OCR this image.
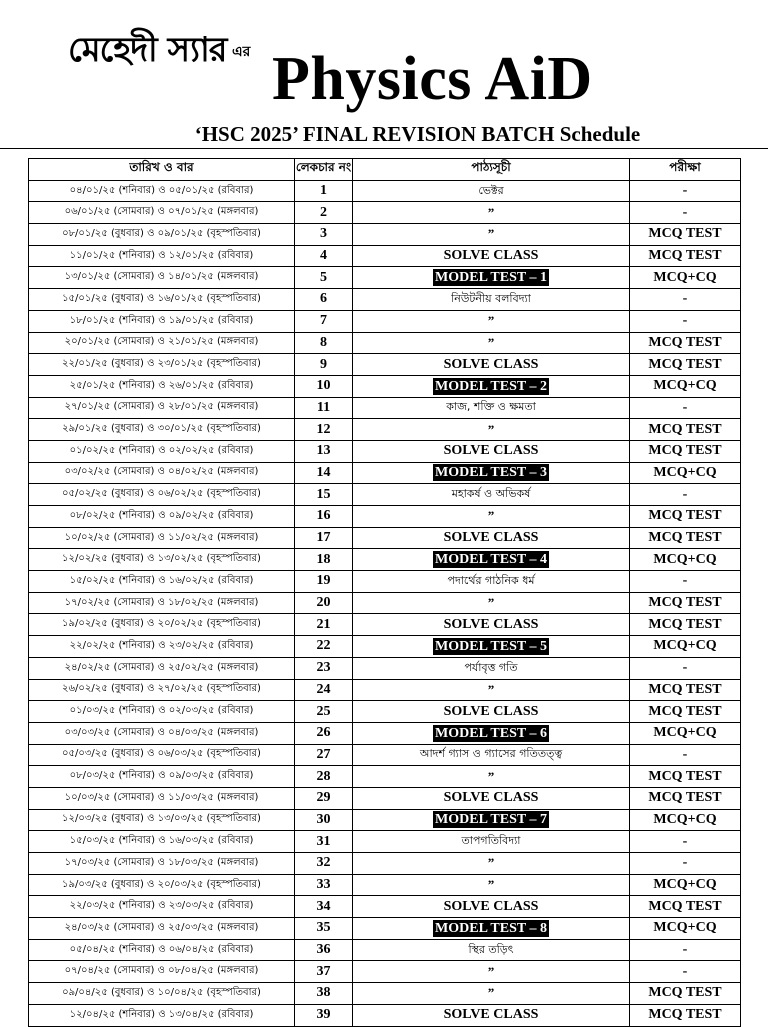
মেহেদী স্যার এর Physics AiD
‘HSC 2025’ FINAL REVISION BATCH Schedule
তারিখ ও বার	লেকচার নং	পাঠ্যসূচী	পরীক্ষা
০৪/০১/২৫ (শনিবার) ও ০৫/০১/২৫ (রবিবার)	1	ভেক্টর	-
০৬/০১/২৫ (সোমবার) ও ০৭/০১/২৫ (মঙ্গলবার)	2	”	-
০৮/০১/২৫ (বুধবার) ও ০৯/০১/২৫ (বৃহস্পতিবার)	3	”	MCQ TEST
১১/০১/২৫ (শনিবার) ও ১২/০১/২৫ (রবিবার)	4	SOLVE CLASS	MCQ TEST
১৩/০১/২৫ (সোমবার) ও ১৪/০১/২৫ (মঙ্গলবার)	5	MODEL TEST – 1	MCQ+CQ
১৫/০১/২৫ (বুধবার) ও ১৬/০১/২৫ (বৃহস্পতিবার)	6	নিউটনীয় বলবিদ্যা	-
১৮/০১/২৫ (শনিবার) ও ১৯/০১/২৫ (রবিবার)	7	”	-
২০/০১/২৫ (সোমবার) ও ২১/০১/২৫ (মঙ্গলবার)	8	”	MCQ TEST
২২/০১/২৫ (বুধবার) ও ২৩/০১/২৫ (বৃহস্পতিবার)	9	SOLVE CLASS	MCQ TEST
২৫/০১/২৫ (শনিবার) ও ২৬/০১/২৫ (রবিবার)	10	MODEL TEST – 2	MCQ+CQ
২৭/০১/২৫ (সোমবার) ও ২৮/০১/২৫ (মঙ্গলবার)	11	কাজ, শক্তি ও ক্ষমতা	-
২৯/০১/২৫ (বুধবার) ও ৩০/০১/২৫ (বৃহস্পতিবার)	12	”	MCQ TEST
০১/০২/২৫ (শনিবার) ও ০২/০২/২৫ (রবিবার)	13	SOLVE CLASS	MCQ TEST
০৩/০২/২৫ (সোমবার) ও ০৪/০২/২৫ (মঙ্গলবার)	14	MODEL TEST – 3	MCQ+CQ
০৫/০২/২৫ (বুধবার) ও ০৬/০২/২৫ (বৃহস্পতিবার)	15	মহাকর্ষ ও অভিকর্ষ	-
০৮/০২/২৫ (শনিবার) ও ০৯/০২/২৫ (রবিবার)	16	”	MCQ TEST
১০/০২/২৫ (সোমবার) ও ১১/০২/২৫ (মঙ্গলবার)	17	SOLVE CLASS	MCQ TEST
১২/০২/২৫ (বুধবার) ও ১৩/০২/২৫ (বৃহস্পতিবার)	18	MODEL TEST – 4	MCQ+CQ
১৫/০২/২৫ (শনিবার) ও ১৬/০২/২৫ (রবিবার)	19	পদার্থের গাঠনিক ধর্ম	-
১৭/০২/২৫ (সোমবার) ও ১৮/০২/২৫ (মঙ্গলবার)	20	”	MCQ TEST
১৯/০২/২৫ (বুধবার) ও ২০/০২/২৫ (বৃহস্পতিবার)	21	SOLVE CLASS	MCQ TEST
২২/০২/২৫ (শনিবার) ও ২৩/০২/২৫ (রবিবার)	22	MODEL TEST – 5	MCQ+CQ
২৪/০২/২৫ (সোমবার) ও ২৫/০২/২৫ (মঙ্গলবার)	23	পর্যাবৃত্ত গতি	-
২৬/০২/২৫ (বুধবার) ও ২৭/০২/২৫ (বৃহস্পতিবার)	24	”	MCQ TEST
০১/০৩/২৫ (শনিবার) ও ০২/০৩/২৫ (রবিবার)	25	SOLVE CLASS	MCQ TEST
০৩/০৩/২৫ (সোমবার) ও ০৪/০৩/২৫ (মঙ্গলবার)	26	MODEL TEST – 6	MCQ+CQ
০৫/০৩/২৫ (বুধবার) ও ০৬/০৩/২৫ (বৃহস্পতিবার)	27	আদর্শ গ্যাস ও গ্যাসের গতিতত্ত্ব	-
০৮/০৩/২৫ (শনিবার) ও ০৯/০৩/২৫ (রবিবার)	28	”	MCQ TEST
১০/০৩/২৫ (সোমবার) ও ১১/০৩/২৫ (মঙ্গলবার)	29	SOLVE CLASS	MCQ TEST
১২/০৩/২৫ (বুধবার) ও ১৩/০৩/২৫ (বৃহস্পতিবার)	30	MODEL TEST – 7	MCQ+CQ
১৫/০৩/২৫ (শনিবার) ও ১৬/০৩/২৫ (রবিবার)	31	তাপগতিবিদ্যা	-
১৭/০৩/২৫ (সোমবার) ও ১৮/০৩/২৫ (মঙ্গলবার)	32	”	-
১৯/০৩/২৫ (বুধবার) ও ২০/০৩/২৫ (বৃহস্পতিবার)	33	”	MCQ+CQ
২২/০৩/২৫ (শনিবার) ও ২৩/০৩/২৫ (রবিবার)	34	SOLVE CLASS	MCQ TEST
২৪/০৩/২৫ (সোমবার) ও ২৫/০৩/২৫ (মঙ্গলবার)	35	MODEL TEST – 8	MCQ+CQ
০৫/০৪/২৫ (শনিবার) ও ০৬/০৪/২৫ (রবিবার)	36	স্থির তড়িৎ	-
০৭/০৪/২৫ (সোমবার) ও ০৮/০৪/২৫ (মঙ্গলবার)	37	”	-
০৯/০৪/২৫ (বুধবার) ও ১০/০৪/২৫ (বৃহস্পতিবার)	38	”	MCQ TEST
১২/০৪/২৫ (শনিবার) ও ১৩/০৪/২৫ (রবিবার)	39	SOLVE CLASS	MCQ TEST
